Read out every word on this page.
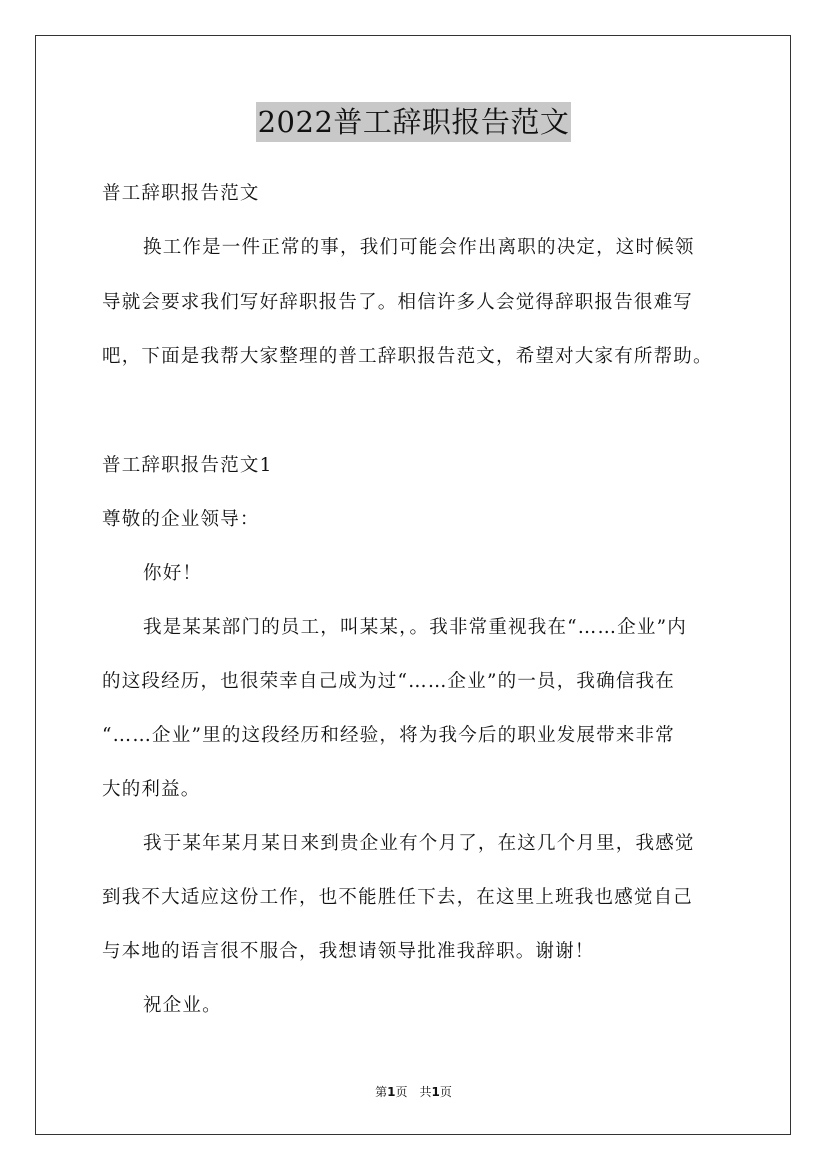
2022普工辞职报告范文
普工辞职报告范文
换工作是一件正常的事，我们可能会作出离职的决定，这时候领
导就会要求我们写好辞职报告了。相信许多人会觉得辞职报告很难写
吧，下面是我帮大家整理的普工辞职报告范文，希望对大家有所帮助。
普工辞职报告范文1
尊敬的企业领导：
你好！
我是某某部门的员工，叫某某，。我非常重视我在“……企业”内
的这段经历，也很荣幸自己成为过“……企业”的一员，我确信我在
“……企业”里的这段经历和经验，将为我今后的职业发展带来非常
大的利益。
我于某年某月某日来到贵企业有个月了，在这几个月里，我感觉
到我不大适应这份工作，也不能胜任下去，在这里上班我也感觉自己
与本地的语言很不服合，我想请领导批准我辞职。谢谢！
祝企业。
第1页　共1页
